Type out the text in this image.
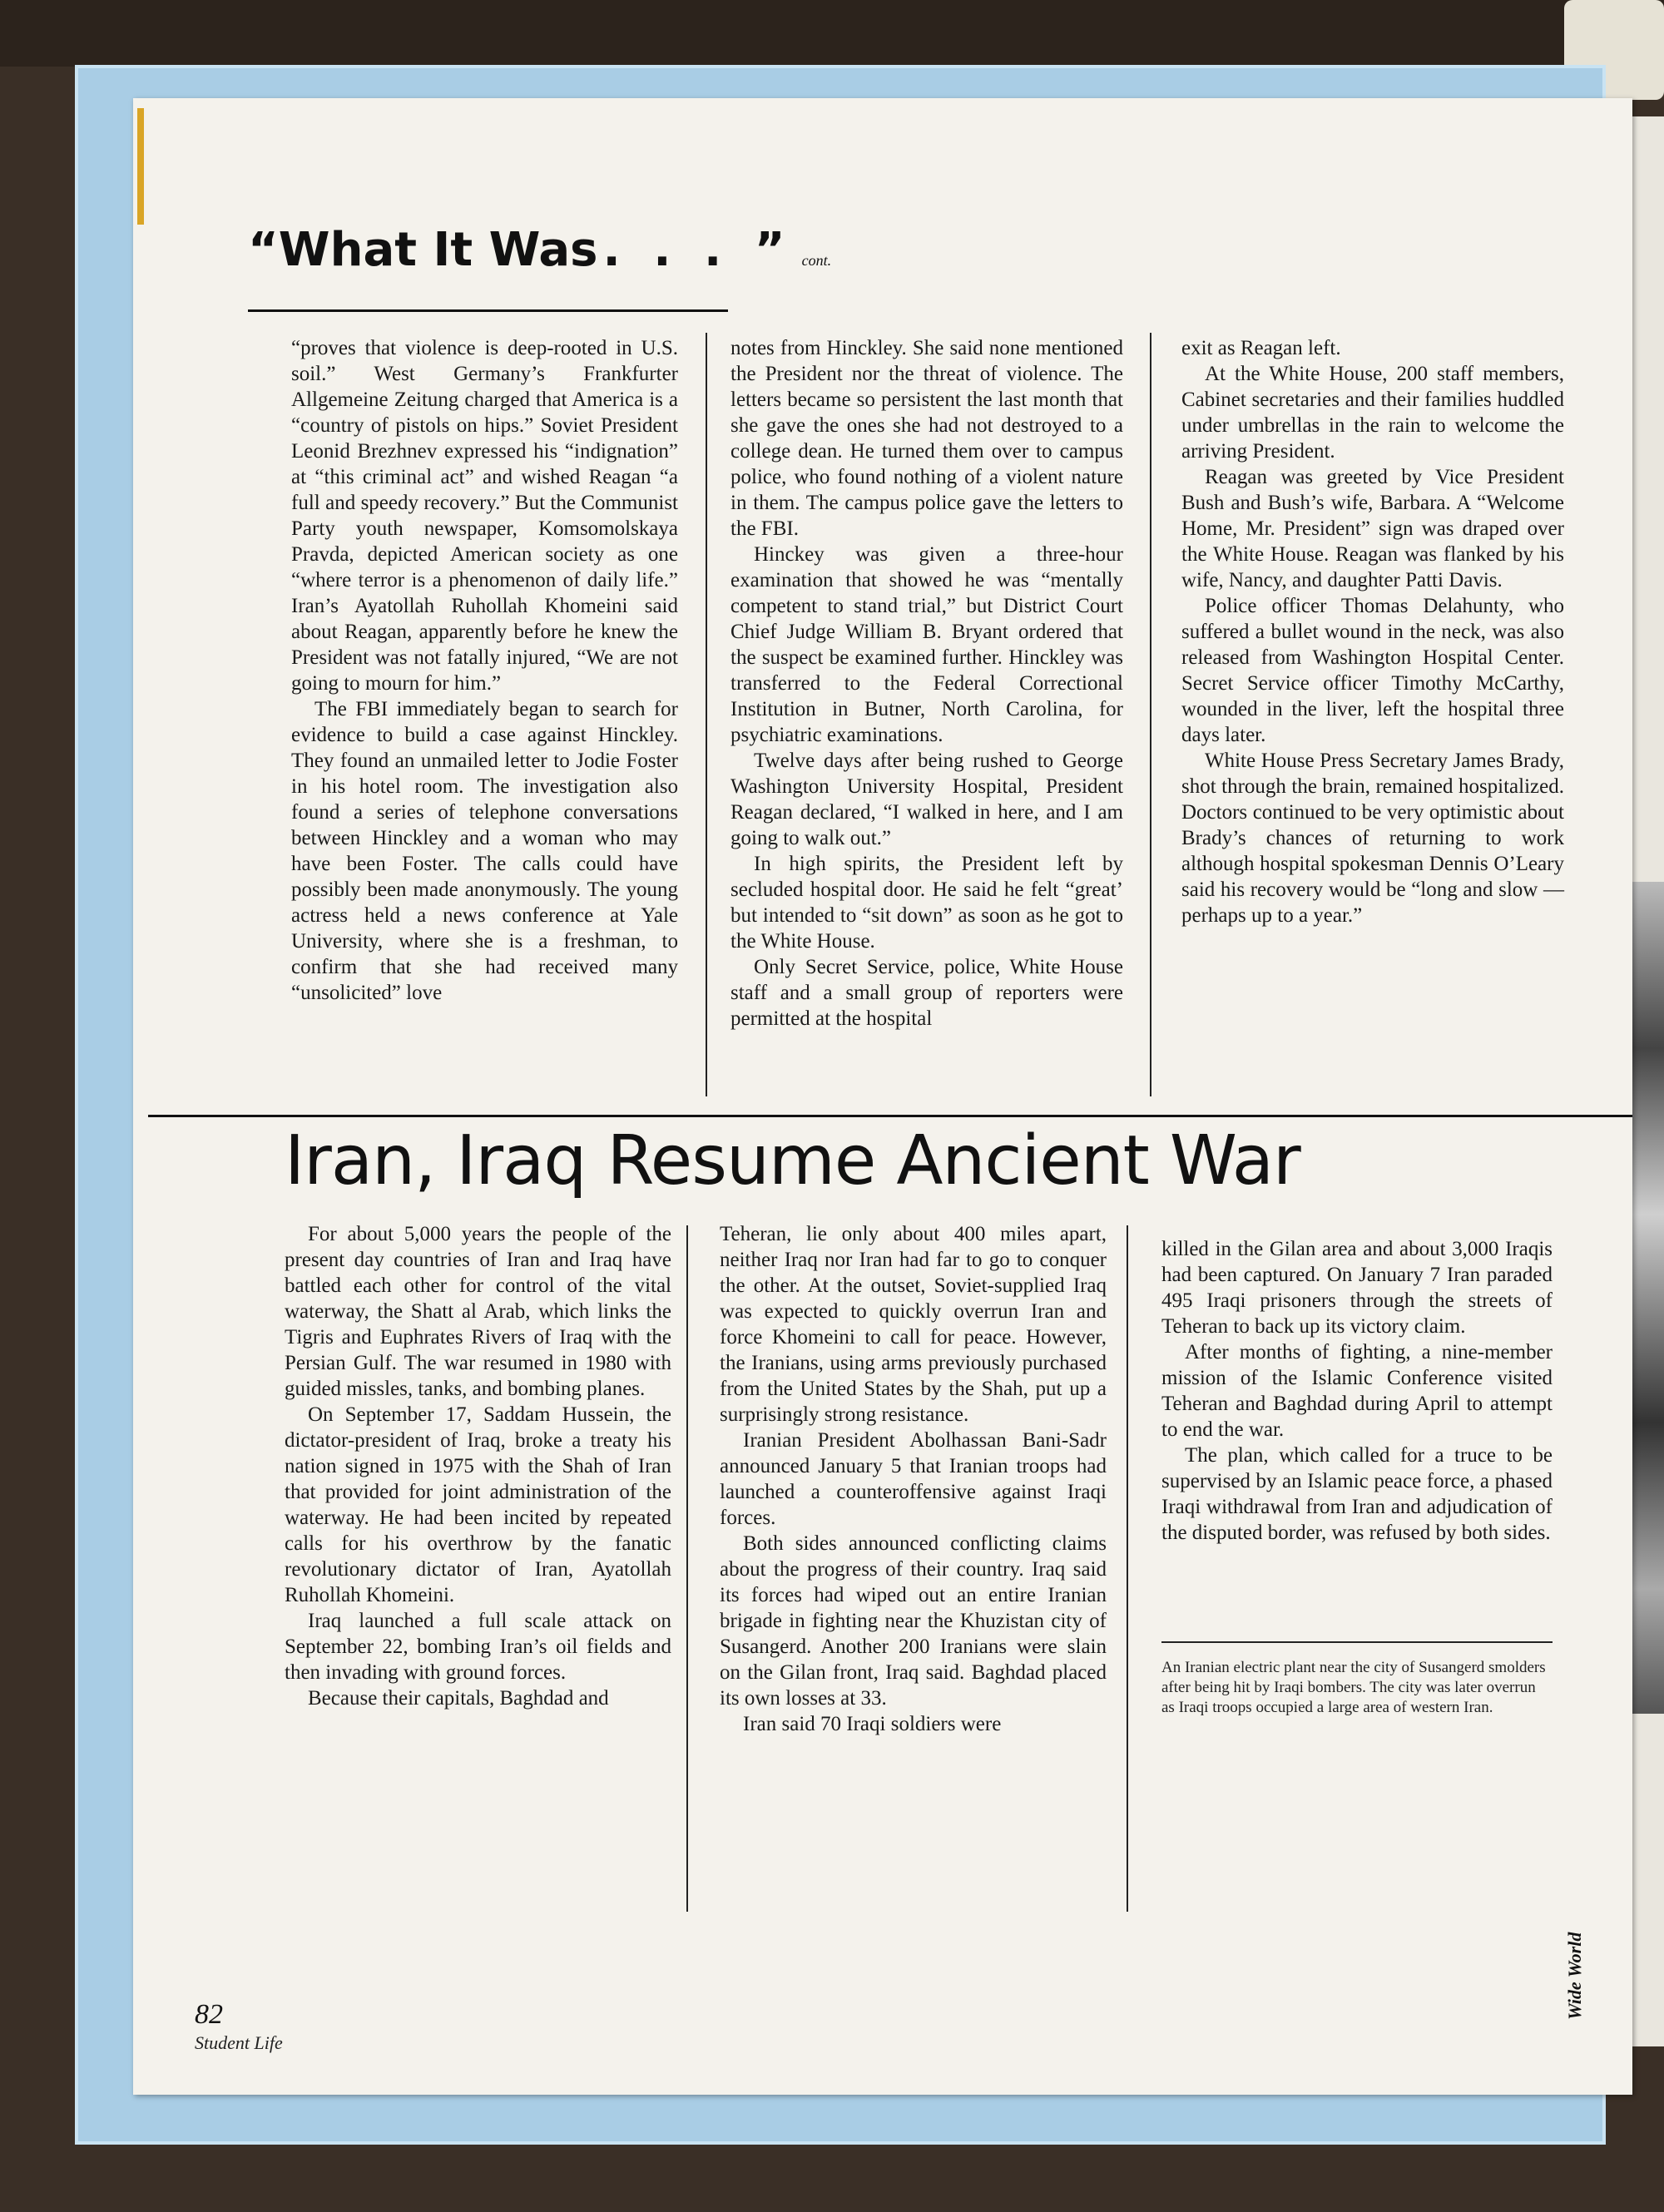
“What It Was . . . ” cont.

“proves that violence is deep-rooted in U.S. soil.” West Germany’s Frankfurter Allgemeine Zeitung charged that America is a “country of pistols on hips.” Soviet President Leonid Brezhnev expressed his “indignation” at “this criminal act” and wished Reagan “a full and speedy recovery.” But the Communist Party youth newspaper, Komsomolskaya Pravda, depicted American society as one “where terror is a phenomenon of daily life.” Iran’s Ayatollah Ruhollah Khomeini said about Reagan, apparently before he knew the President was not fatally injured, “We are not going to mourn for him.”

The FBI immediately began to search for evidence to build a case against Hinckley. They found an unmailed letter to Jodie Foster in his hotel room. The investigation also found a series of telephone conversations between Hinckley and a woman who may have been Foster. The calls could have possibly been made anonymously. The young actress held a news conference at Yale University, where she is a freshman, to confirm that she had received many “unsolicited” love

notes from Hinckley. She said none mentioned the President nor the threat of violence. The letters became so persistent the last month that she gave the ones she had not destroyed to a college dean. He turned them over to campus police, who found nothing of a violent nature in them. The campus police gave the letters to the FBI.

Hinckey was given a three-hour examination that showed he was “mentally competent to stand trial,” but District Court Chief Judge William B. Bryant ordered that the suspect be examined further. Hinckley was transferred to the Federal Correctional Institution in Butner, North Carolina, for psychiatric examinations.

Twelve days after being rushed to George Washington University Hospital, President Reagan declared, “I walked in here, and I am going to walk out.”

In high spirits, the President left by secluded hospital door. He said he felt “great’ but intended to “sit down” as soon as he got to the White House.

Only Secret Service, police, White House staff and a small group of reporters were permitted at the hospital

exit as Reagan left.

At the White House, 200 staff members, Cabinet secretaries and their families huddled under umbrellas in the rain to welcome the arriving President.

Reagan was greeted by Vice President Bush and Bush’s wife, Barbara. A “Welcome Home, Mr. President” sign was draped over the White House. Reagan was flanked by his wife, Nancy, and daughter Patti Davis.

Police officer Thomas Delahunty, who suffered a bullet wound in the neck, was also released from Washington Hospital Center. Secret Service officer Timothy McCarthy, wounded in the liver, left the hospital three days later.

White House Press Secretary James Brady, shot through the brain, remained hospitalized. Doctors continued to be very optimistic about Brady’s chances of returning to work although hospital spokesman Dennis O’Leary said his recovery would be “long and slow — perhaps up to a year.”

Iran, Iraq Resume Ancient War

For about 5,000 years the people of the present day countries of Iran and Iraq have battled each other for control of the vital waterway, the Shatt al Arab, which links the Tigris and Euphrates Rivers of Iraq with the Persian Gulf. The war resumed in 1980 with guided missles, tanks, and bombing planes.

On September 17, Saddam Hussein, the dictator-president of Iraq, broke a treaty his nation signed in 1975 with the Shah of Iran that provided for joint administration of the waterway. He had been incited by repeated calls for his overthrow by the fanatic revolutionary dictator of Iran, Ayatollah Ruhollah Khomeini.

Iraq launched a full scale attack on September 22, bombing Iran’s oil fields and then invading with ground forces.

Because their capitals, Baghdad and

Teheran, lie only about 400 miles apart, neither Iraq nor Iran had far to go to conquer the other. At the outset, Soviet-supplied Iraq was expected to quickly overrun Iran and force Khomeini to call for peace. However, the Iranians, using arms previously purchased from the United States by the Shah, put up a surprisingly strong resistance.

Iranian President Abolhassan Bani-Sadr announced January 5 that Iranian troops had launched a counteroffensive against Iraqi forces.

Both sides announced conflicting claims about the progress of their country. Iraq said its forces had wiped out an entire Iranian brigade in fighting near the Khuzistan city of Susangerd. Another 200 Iranians were slain on the Gilan front, Iraq said. Baghdad placed its own losses at 33.

Iran said 70 Iraqi soldiers were

killed in the Gilan area and about 3,000 Iraqis had been captured. On January 7 Iran paraded 495 Iraqi prisoners through the streets of Teheran to back up its victory claim.

After months of fighting, a nine-member mission of the Islamic Conference visited Teheran and Baghdad during April to attempt to end the war.

The plan, which called for a truce to be supervised by an Islamic peace force, a phased Iraqi withdrawal from Iran and adjudication of the disputed border, was refused by both sides.

An Iranian electric plant near the city of Susangerd smolders after being hit by Iraqi bombers. The city was later overrun as Iraqi troops occupied a large area of western Iran.
82
Student Life
Wide World
